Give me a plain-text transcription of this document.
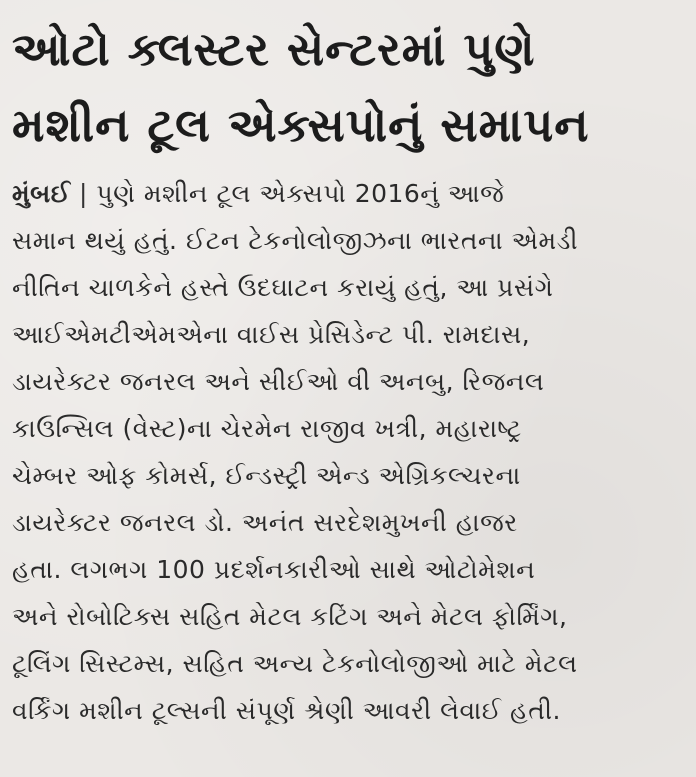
ઓટો ક્લસ્ટર સેન્ટરમાં પુણે
મશીન ટૂલ એક્સપોનું સમાપન
મુંબઈ | પુણે મશીન ટૂલ એક્સપો 2016નું આજે
સમાન થયું હતું. ઈટન ટેકનોલોજીઝના ભારતના એમડી
નીતિન ચાળકેને હસ્તે ઉદઘાટન કરાયું હતું, આ પ્રસંગે
આઈએમટીએમએના વાઈસ પ્રેસિડેન્ટ પી. રામદાસ,
ડાયરેક્ટર જનરલ અને સીઈઓ વી અનબુ, રિજનલ
કાઉન્સિલ (વેસ્ટ)ના ચેરમેન રાજીવ ખત્રી, મહારાષ્ટ્ર
ચેમ્બર ઓફ કોમર્સ, ઈન્ડસ્ટ્રી એન્ડ એગ્રિકલ્ચરના
ડાયરેક્ટર જનરલ ડો. અનંત સરદેશમુખની હાજર
હતા. લગભગ 100 પ્રદર્શનકારીઓ સાથે ઓટોમેશન
અને રોબોટિક્સ સહિત મેટલ કટિંગ અને મેટલ ફોર્મિંગ,
ટૂલિંગ સિસ્ટમ્સ, સહિત અન્ય ટેકનોલોજીઓ માટે મેટલ
વર્કિંગ મશીન ટૂલ્સની સંપૂર્ણ શ્રેણી આવરી લેવાઈ હતી.
